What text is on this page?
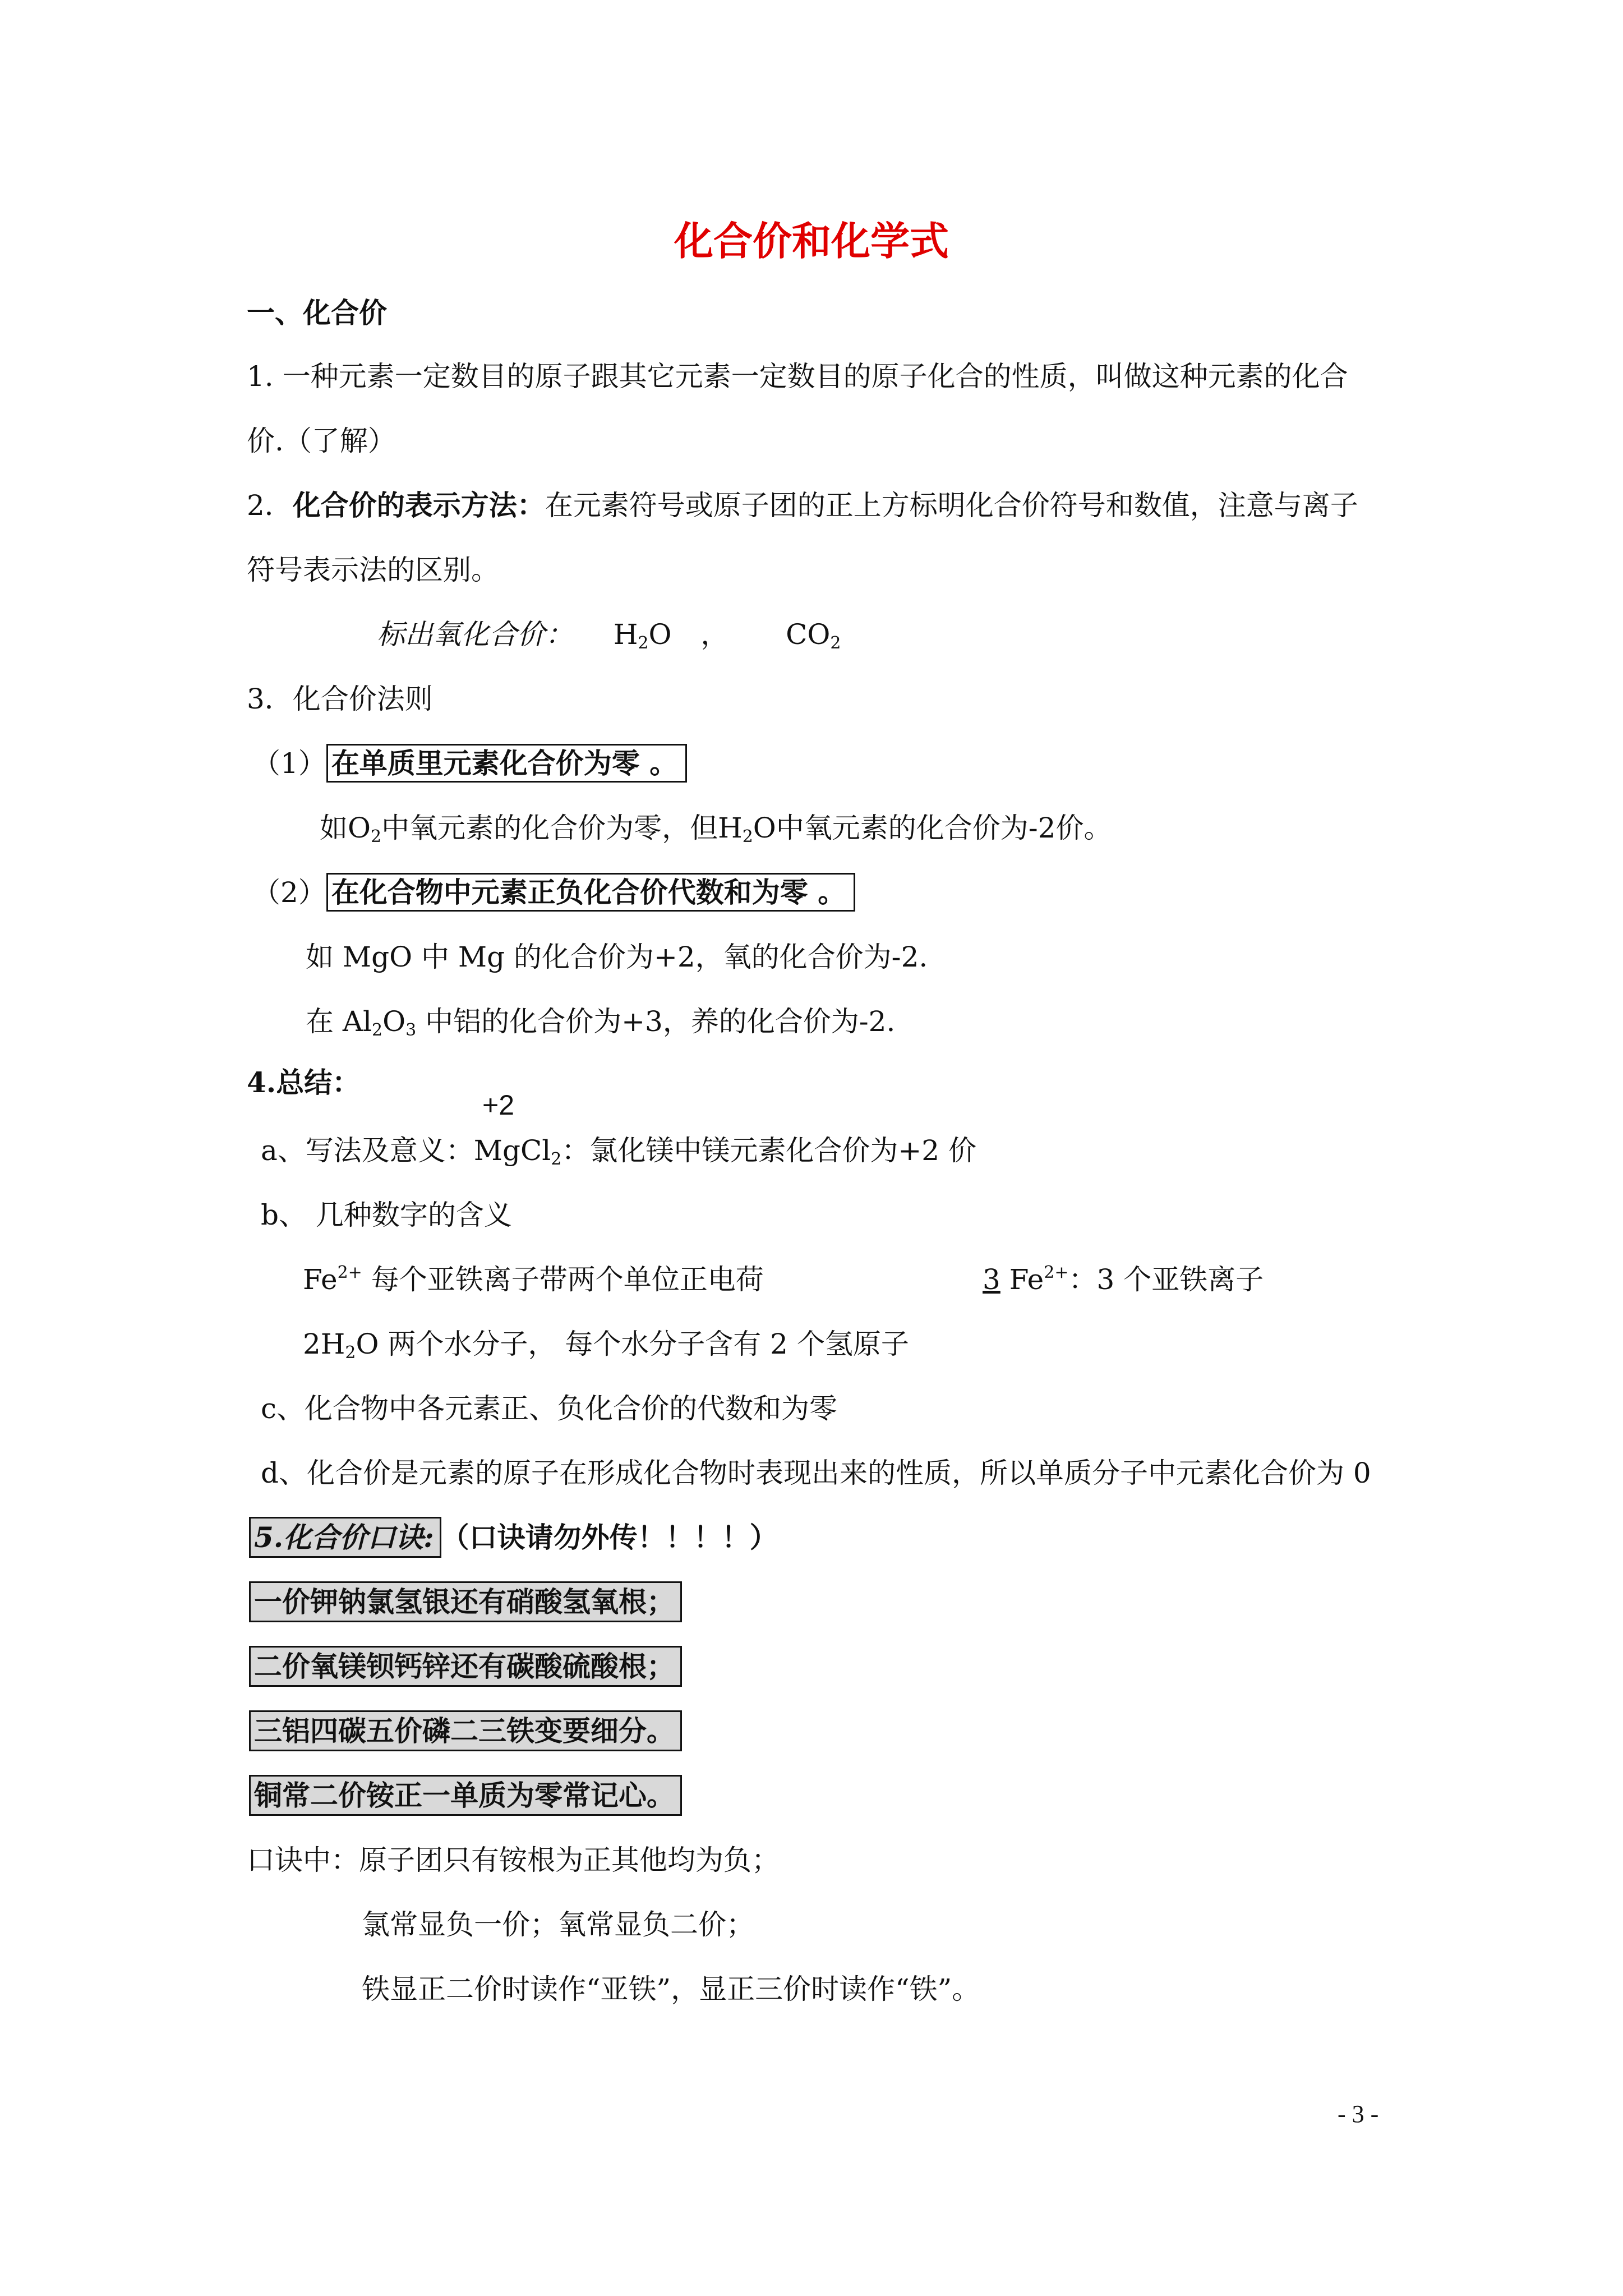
化合价和化学式
一、化合价
1. 一种元素一定数目的原子跟其它元素一定数目的原子化合的性质，叫做这种元素的化合
价.（了解）
2．化合价的表示方法：在元素符号或原子团的正上方标明化合价符号和数值，注意与离子
符号表示法的区别。
标出氧化合价： $H_2O$ ， $CO_2$
3．化合价法则
（1） 在单质里元素化合价为零 。
如$O_2$中氧元素的化合价为零，但$H_2O$中氧元素的化合价为-2价。
（2） 在化合物中元素正负化合价代数和为零 。
如 MgO 中 Mg 的化合价为+2，氧的化合价为-2.
在 $Al_2O_3$ 中铝的化合价为+3，养的化合价为-2.
4.总结：
+2
a、写法及意义：MgCl$_2$：氯化镁中镁元素化合价为+2 价
b、 几种数字的含义
$Fe^{2+}$ 每个亚铁离子带两个单位正电荷	3 $Fe^{2+}$：3 个亚铁离子
$2H_2O$ 两个水分子， 每个水分子含有 2 个氢原子
c、化合物中各元素正、负化合价的代数和为零
d、化合价是元素的原子在形成化合物时表现出来的性质，所以单质分子中元素化合价为 0
5.化合价口诀: （口诀请勿外传！！！！）
一价钾钠氯氢银还有硝酸氢氧根；
二价氧镁钡钙锌还有碳酸硫酸根；
三铝四碳五价磷二三铁变要细分。
铜常二价铵正一单质为零常记心。
口诀中：原子团只有铵根为正其他均为负；
氯常显负一价；氧常显负二价；
铁显正二价时读作“亚铁”，显正三价时读作“铁”。
- 3 -
